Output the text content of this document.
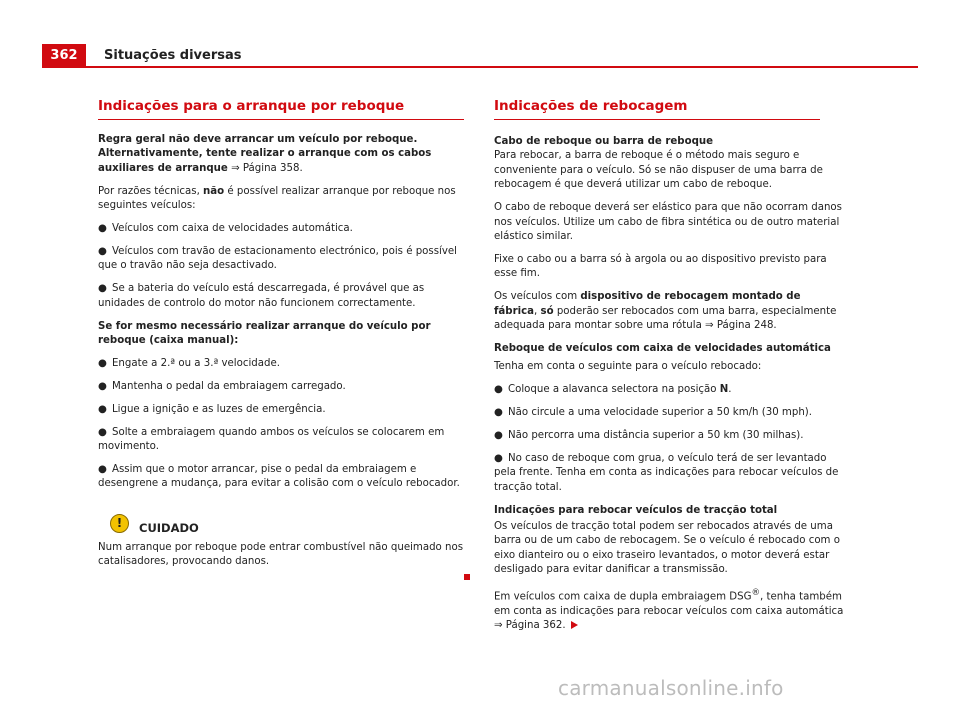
362	Situações diversas
Indicações para o arranque por reboque

Regra geral não deve arrancar um veículo por reboque. Alternativamente, tente realizar o arranque com os cabos auxiliares de arranque ⇒ Página 358.

Por razões técnicas, não é possível realizar arranque por reboque nos seguintes veículos:

● Veículos com caixa de velocidades automática.

● Veículos com travão de estacionamento electrónico, pois é possível que o travão não seja desactivado.

● Se a bateria do veículo está descarregada, é provável que as unidades de controlo do motor não funcionem correctamente.

Se for mesmo necessário realizar arranque do veículo por reboque (caixa manual):

● Engate a 2.ª ou a 3.ª velocidade.

● Mantenha o pedal da embraiagem carregado.

● Ligue a ignição e as luzes de emergência.

● Solte a embraiagem quando ambos os veículos se colocarem em movimento.

● Assim que o motor arrancar, pise o pedal da embraiagem e desengrene a mudança, para evitar a colisão com o veículo rebocador.

!	CUIDADO

Num arranque por reboque pode entrar combustível não queimado nos catalisadores, provocando danos.

Indicações de rebocagem

Cabo de reboque ou barra de reboque

Para rebocar, a barra de reboque é o método mais seguro e conveniente para o veículo. Só se não dispuser de uma barra de rebocagem é que deverá utilizar um cabo de reboque.

O cabo de reboque deverá ser elástico para que não ocorram danos nos veículos. Utilize um cabo de fibra sintética ou de outro material elástico similar.

Fixe o cabo ou a barra só à argola ou ao dispositivo previsto para esse fim.

Os veículos com dispositivo de rebocagem montado de fábrica, só poderão ser rebocados com uma barra, especialmente adequada para montar sobre uma rótula ⇒ Página 248.

Reboque de veículos com caixa de velocidades automática

Tenha em conta o seguinte para o veículo rebocado:

● Coloque a alavanca selectora na posição N.

● Não circule a uma velocidade superior a 50 km/h (30 mph).

● Não percorra uma distância superior a 50 km (30 milhas).

● No caso de reboque com grua, o veículo terá de ser levantado pela frente. Tenha em conta as indicações para rebocar veículos de tracção total.

Indicações para rebocar veículos de tracção total

Os veículos de tracção total podem ser rebocados através de uma barra ou de um cabo de rebocagem. Se o veículo é rebocado com o eixo dianteiro ou o eixo traseiro levantados, o motor deverá estar desligado para evitar danificar a transmissão.

Em veículos com caixa de dupla embraiagem DSG®, tenha também em conta as indicações para rebocar veículos com caixa automática ⇒ Página 362.

carmanualsonline.info
